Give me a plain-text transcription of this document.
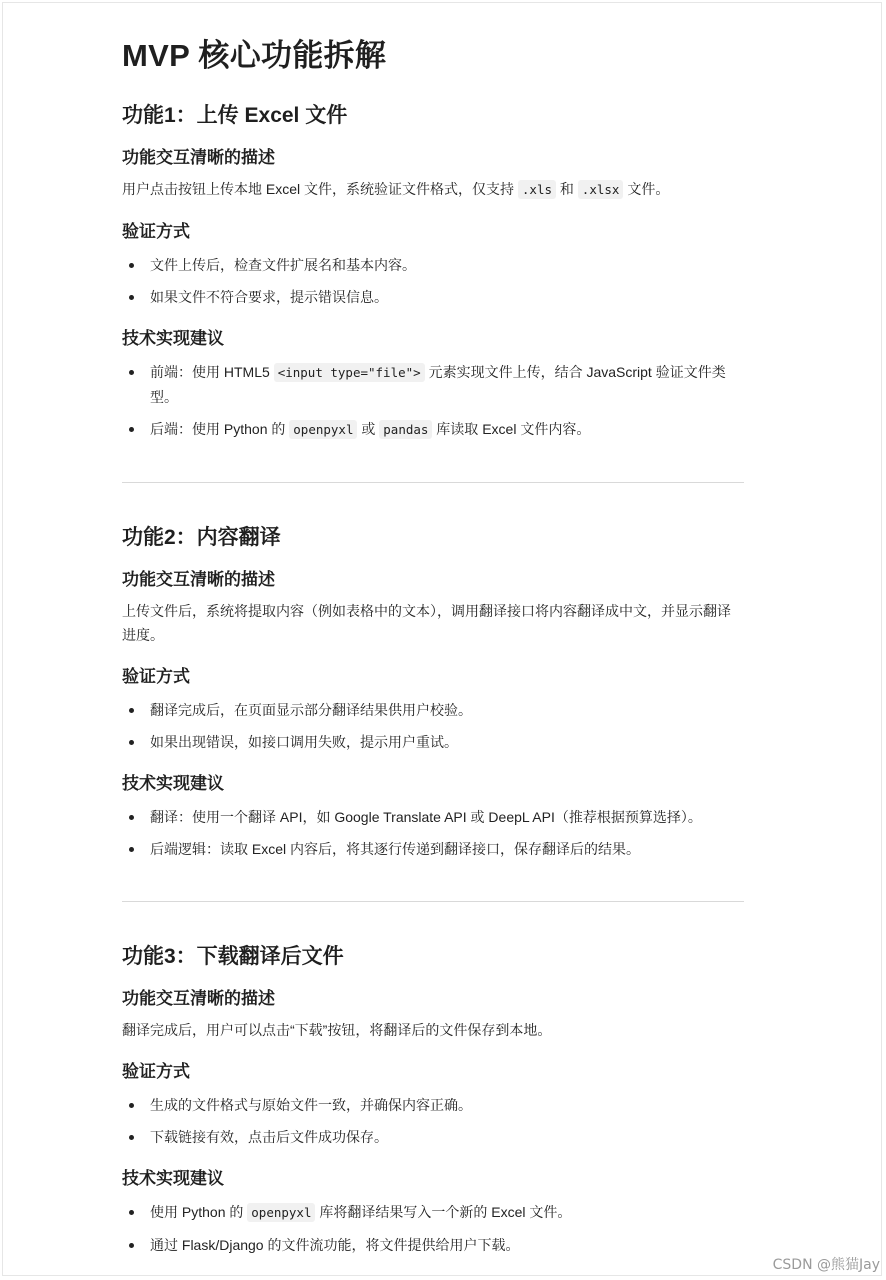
MVP 核心功能拆解
功能1：上传 Excel 文件
功能交互清晰的描述

用户点击按钮上传本地 Excel 文件，系统验证文件格式，仅支持 .xls 和 .xlsx 文件。

验证方式
文件上传后，检查文件扩展名和基本内容。
如果文件不符合要求，提示错误信息。
技术实现建议
前端：使用 HTML5 <input type="file"> 元素实现文件上传，结合 JavaScript 验证文件类型。
后端：使用 Python 的 openpyxl 或 pandas 库读取 Excel 文件内容。
功能2：内容翻译
功能交互清晰的描述

上传文件后，系统将提取内容（例如表格中的文本），调用翻译接口将内容翻译成中文，并显示翻译进度。

验证方式
翻译完成后，在页面显示部分翻译结果供用户校验。
如果出现错误，如接口调用失败，提示用户重试。
技术实现建议
翻译：使用一个翻译 API，如 Google Translate API 或 DeepL API（推荐根据预算选择）。
后端逻辑：读取 Excel 内容后，将其逐行传递到翻译接口，保存翻译后的结果。
功能3：下载翻译后文件
功能交互清晰的描述

翻译完成后，用户可以点击“下载”按钮，将翻译后的文件保存到本地。

验证方式
生成的文件格式与原始文件一致，并确保内容正确。
下载链接有效，点击后文件成功保存。
技术实现建议
使用 Python 的 openpyxl 库将翻译结果写入一个新的 Excel 文件。
通过 Flask/Django 的文件流功能，将文件提供给用户下载。
CSDN @熊猫Jay
